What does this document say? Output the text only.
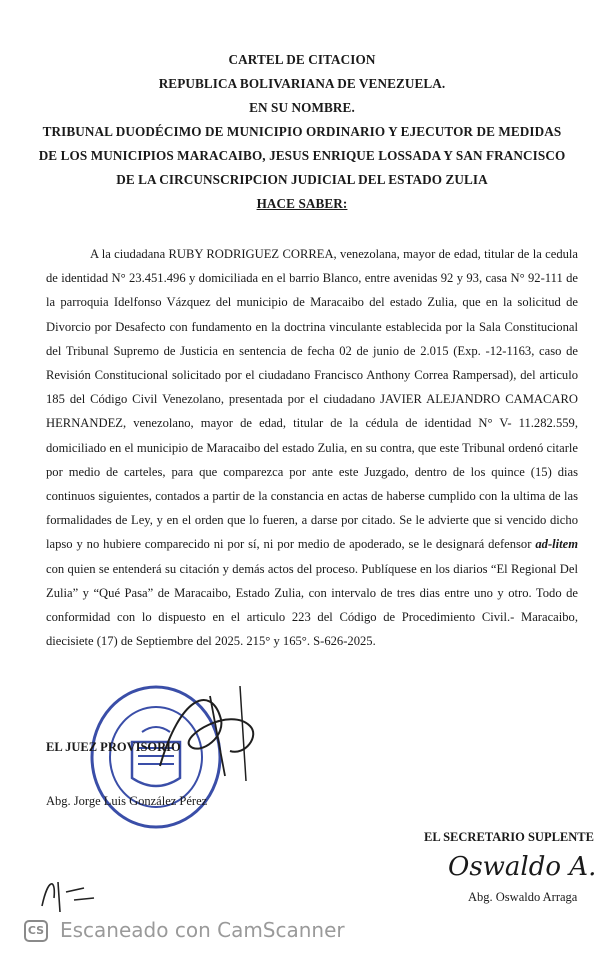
CARTEL DE CITACION
REPUBLICA BOLIVARIANA DE VENEZUELA.
EN SU NOMBRE.
TRIBUNAL DUODÉCIMO DE MUNICIPIO ORDINARIO Y EJECUTOR DE MEDIDAS
DE LOS MUNICIPIOS MARACAIBO, JESUS ENRIQUE LOSSADA Y SAN FRANCISCO
DE LA CIRCUNSCRIPCION JUDICIAL DEL ESTADO ZULIA
HACE SABER:
A la ciudadana RUBY RODRIGUEZ CORREA, venezolana, mayor de edad, titular de la cedula de identidad N° 23.451.496 y domiciliada en el barrio Blanco, entre avenidas 92 y 93, casa N° 92-111 de la parroquia Idelfonso Vázquez del municipio de Maracaibo del estado Zulia, que en la solicitud de Divorcio por Desafecto con fundamento en la doctrina vinculante establecida por la Sala Constitucional del Tribunal Supremo de Justicia en sentencia de fecha 02 de junio de 2.015 (Exp. -12-1163, caso de Revisión Constitucional solicitado por el ciudadano Francisco Anthony Correa Rampersad), del articulo 185 del Código Civil Venezolano, presentada por el ciudadano JAVIER ALEJANDRO CAMACARO HERNANDEZ, venezolano, mayor de edad, titular de la cédula de identidad N° V- 11.282.559, domiciliado en el municipio de Maracaibo del estado Zulia, en su contra, que este Tribunal ordenó citarle por medio de carteles, para que comparezca por ante este Juzgado, dentro de los quince (15) dias continuos siguientes, contados a partir de la constancia en actas de haberse cumplido con la ultima de las formalidades de Ley, y en el orden que lo fueren, a darse por citado. Se le advierte que si vencido dicho lapso y no hubiere comparecido ni por sí, ni por medio de apoderado, se le designará defensor ad-litem con quien se entenderá su citación y demás actos del proceso. Publíquese en los diarios “El Regional Del Zulia” y “Qué Pasa” de Maracaibo, Estado Zulia, con intervalo de tres dias entre uno y otro. Todo de conformidad con lo dispuesto en el articulo 223 del Código de Procedimiento Civil.- Maracaibo, diecisiete (17) de Septiembre del 2025. 215° y 165°. S-626-2025.
EL JUEZ PROVISORIO
Abg. Jorge Luis González Pérez
EL SECRETARIO SUPLENTE
Oswaldo A.
Abg. Oswaldo Arraga
CS Escaneado con CamScanner
